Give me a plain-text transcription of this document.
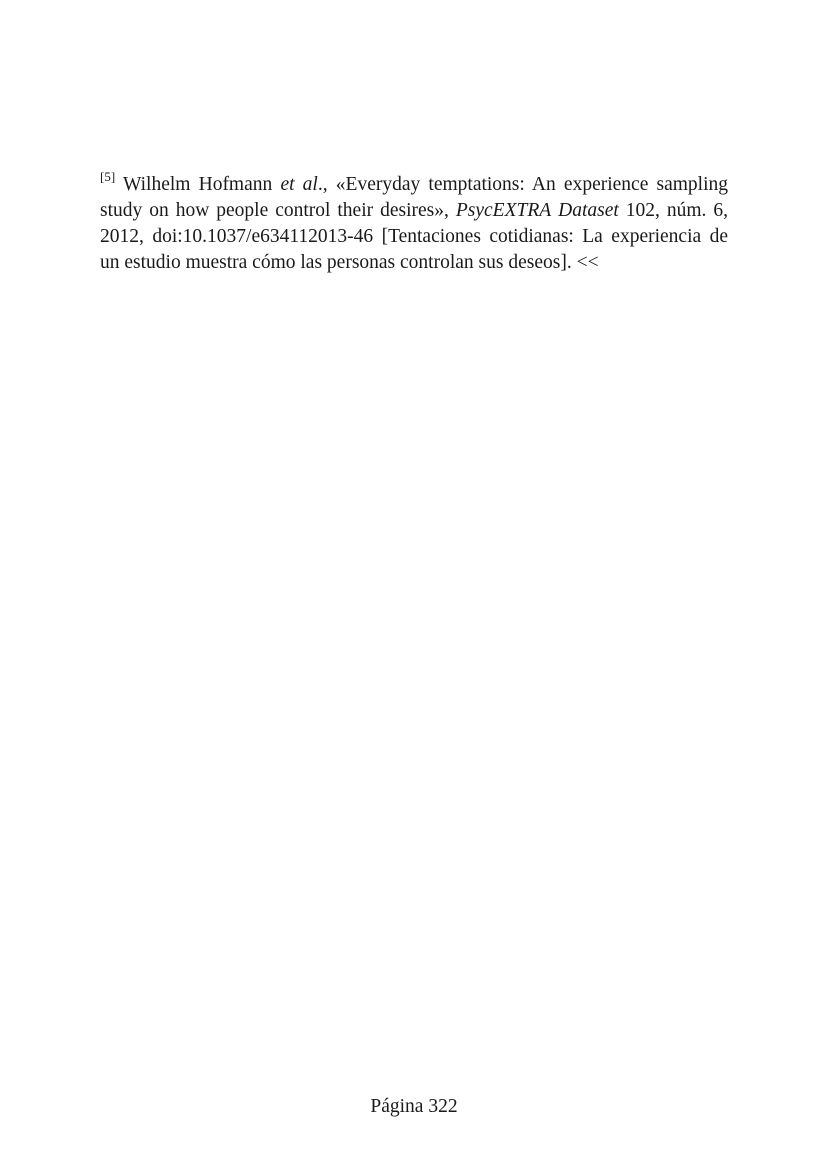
[5] Wilhelm Hofmann et al., «Everyday temptations: An experience sampling study on how people control their desires», PsycEXTRA Dataset 102, núm. 6, 2012, doi:10.1037/e634112013-46 [Tentaciones cotidianas: La experiencia de un estudio muestra cómo las personas controlan sus deseos]. <<

Página 322
